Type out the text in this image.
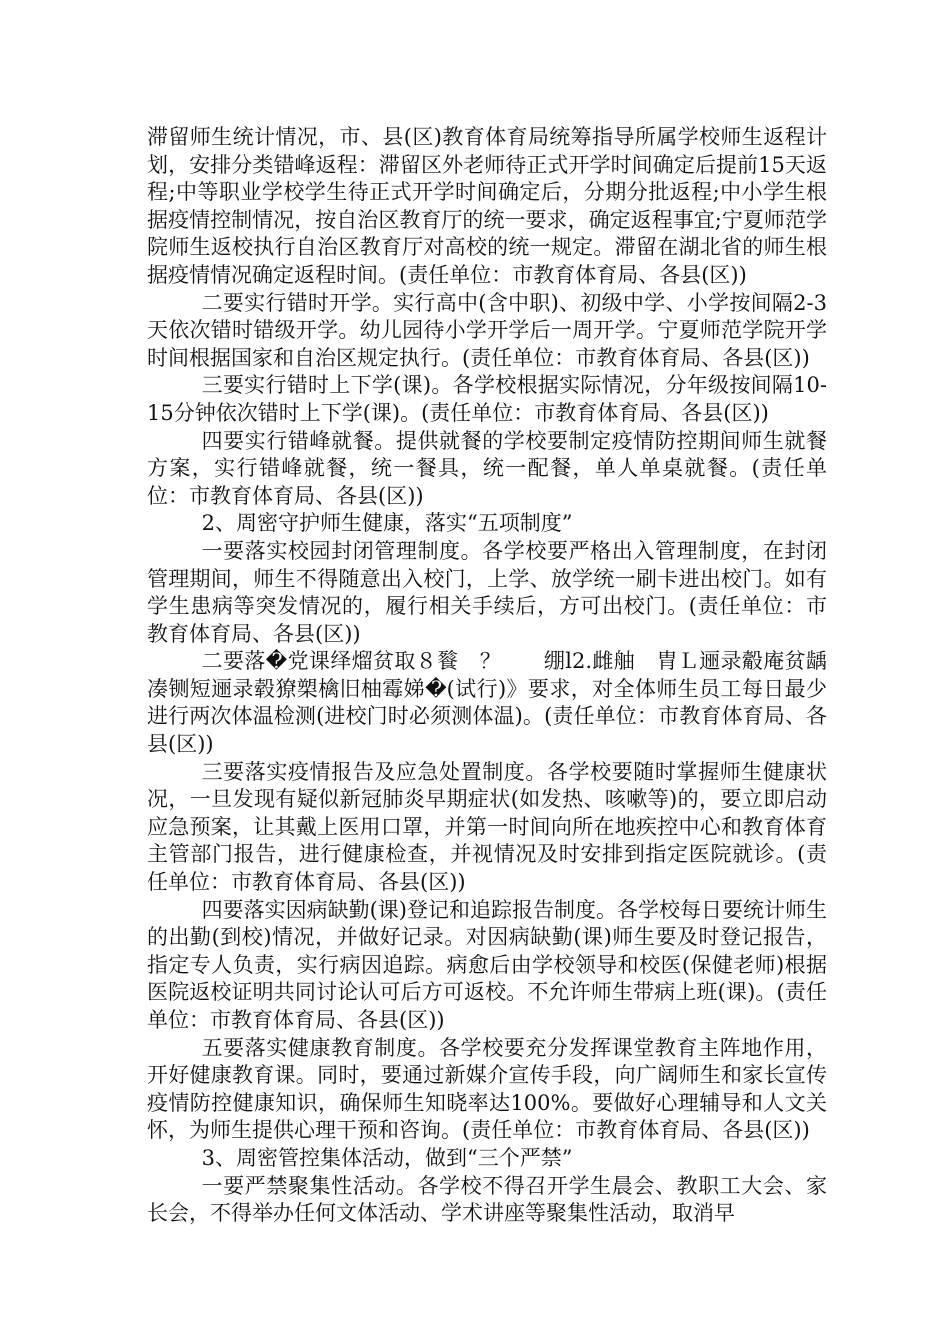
滞留师生统计情况，市、县(区)教育体育局统筹指导所属学校师生返程计划，安排分类错峰返程：滞留区外老师待正式开学时间确定后提前15天返程;中等职业学校学生待正式开学时间确定后，分期分批返程;中小学生根据疫情控制情况，按自治区教育厅的统一要求，确定返程事宜;宁夏师范学院师生返校执行自治区教育厅对高校的统一规定。滞留在湖北省的师生根据疫情情况确定返程时间。(责任单位：市教育体育局、各县(区))

二要实行错时开学。实行高中(含中职)、初级中学、小学按间隔2-3天依次错时错级开学。幼儿园待小学开学后一周开学。宁夏师范学院开学时间根据国家和自治区规定执行。(责任单位：市教育体育局、各县(区))

三要实行错时上下学(课)。各学校根据实际情况，分年级按间隔10-15分钟依次错时上下学(课)。(责任单位：市教育体育局、各县(区))

四要实行错峰就餐。提供就餐的学校要制定疫情防控期间师生就餐方案，实行错峰就餐，统一餐具，统一配餐，单人单桌就餐。(责任单位：市教育体育局、各县(区))

2、周密守护师生健康，落实“五项制度”

一要落实校园封闭管理制度。各学校要严格出入管理制度，在封闭管理期间，师生不得随意出入校门，上学、放学统一刷卡进出校门。如有学生患病等突发情况的，履行相关手续后，方可出校门。(责任单位：市教育体育局、各县(区))

二要落�党课绎熘贫取８餮　？　　绷l2.雌舳　胄Ｌ逦录觳庵贫龋　　凑铡短逦录毂獠槊檎旧柚霉娣�(试行)》要求，对全体师生员工每日最少进行两次体温检测(进校门时必须测体温)。(责任单位：市教育体育局、各县(区))

三要落实疫情报告及应急处置制度。各学校要随时掌握师生健康状况，一旦发现有疑似新冠肺炎早期症状(如发热、咳嗽等)的，要立即启动应急预案，让其戴上医用口罩，并第一时间向所在地疾控中心和教育体育主管部门报告，进行健康检查，并视情况及时安排到指定医院就诊。(责任单位：市教育体育局、各县(区))

四要落实因病缺勤(课)登记和追踪报告制度。各学校每日要统计师生的出勤(到校)情况，并做好记录。对因病缺勤(课)师生要及时登记报告，指定专人负责，实行病因追踪。病愈后由学校领导和校医(保健老师)根据医院返校证明共同讨论认可后方可返校。不允许师生带病上班(课)。(责任单位：市教育体育局、各县(区))

五要落实健康教育制度。各学校要充分发挥课堂教育主阵地作用，开好健康教育课。同时，要通过新媒介宣传手段，向广阔师生和家长宣传疫情防控健康知识，确保师生知晓率达100%。要做好心理辅导和人文关怀，为师生提供心理干预和咨询。(责任单位：市教育体育局、各县(区))

3、周密管控集体活动，做到“三个严禁”

一要严禁聚集性活动。各学校不得召开学生晨会、教职工大会、家长会，不得举办任何文体活动、学术讲座等聚集性活动，取消早
